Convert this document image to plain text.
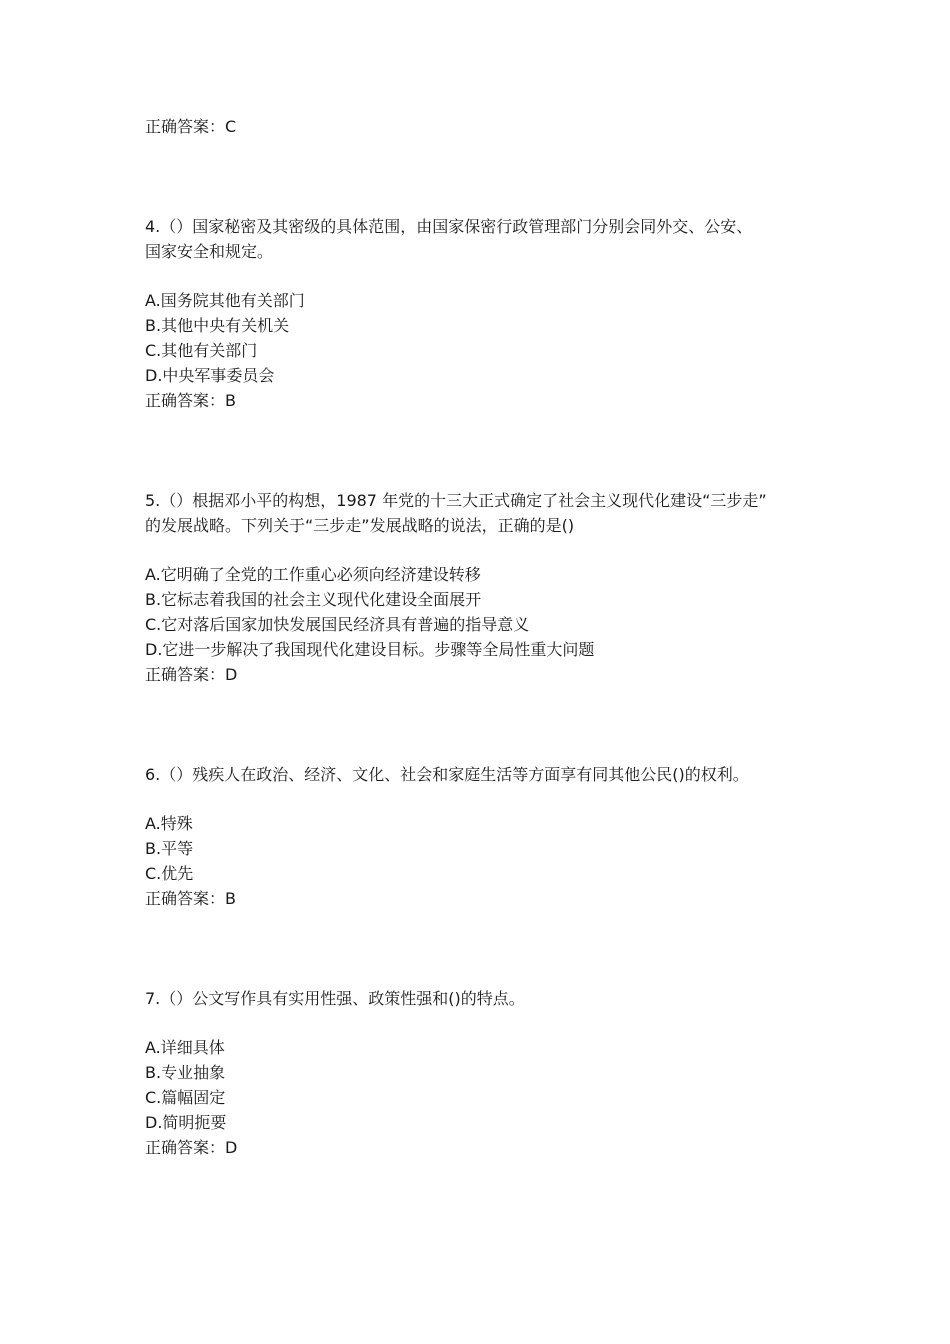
正确答案：C
4.（）国家秘密及其密级的具体范围，由国家保密行政管理部门分别会同外交、公安、
国家安全和规定。
A.国务院其他有关部门
B.其他中央有关机关
C.其他有关部门
D.中央军事委员会
正确答案：B
5.（）根据邓小平的构想，1987 年党的十三大正式确定了社会主义现代化建设“三步走”
的发展战略。下列关于“三步走”发展战略的说法，正确的是()
A.它明确了全党的工作重心必须向经济建设转移
B.它标志着我国的社会主义现代化建设全面展开
C.它对落后国家加快发展国民经济具有普遍的指导意义
D.它进一步解决了我国现代化建设目标。步骤等全局性重大问题
正确答案：D
6.（）残疾人在政治、经济、文化、社会和家庭生活等方面享有同其他公民()的权利。
A.特殊
B.平等
C.优先
正确答案：B
7.（）公文写作具有实用性强、政策性强和()的特点。
A.详细具体
B.专业抽象
C.篇幅固定
D.简明扼要
正确答案：D
